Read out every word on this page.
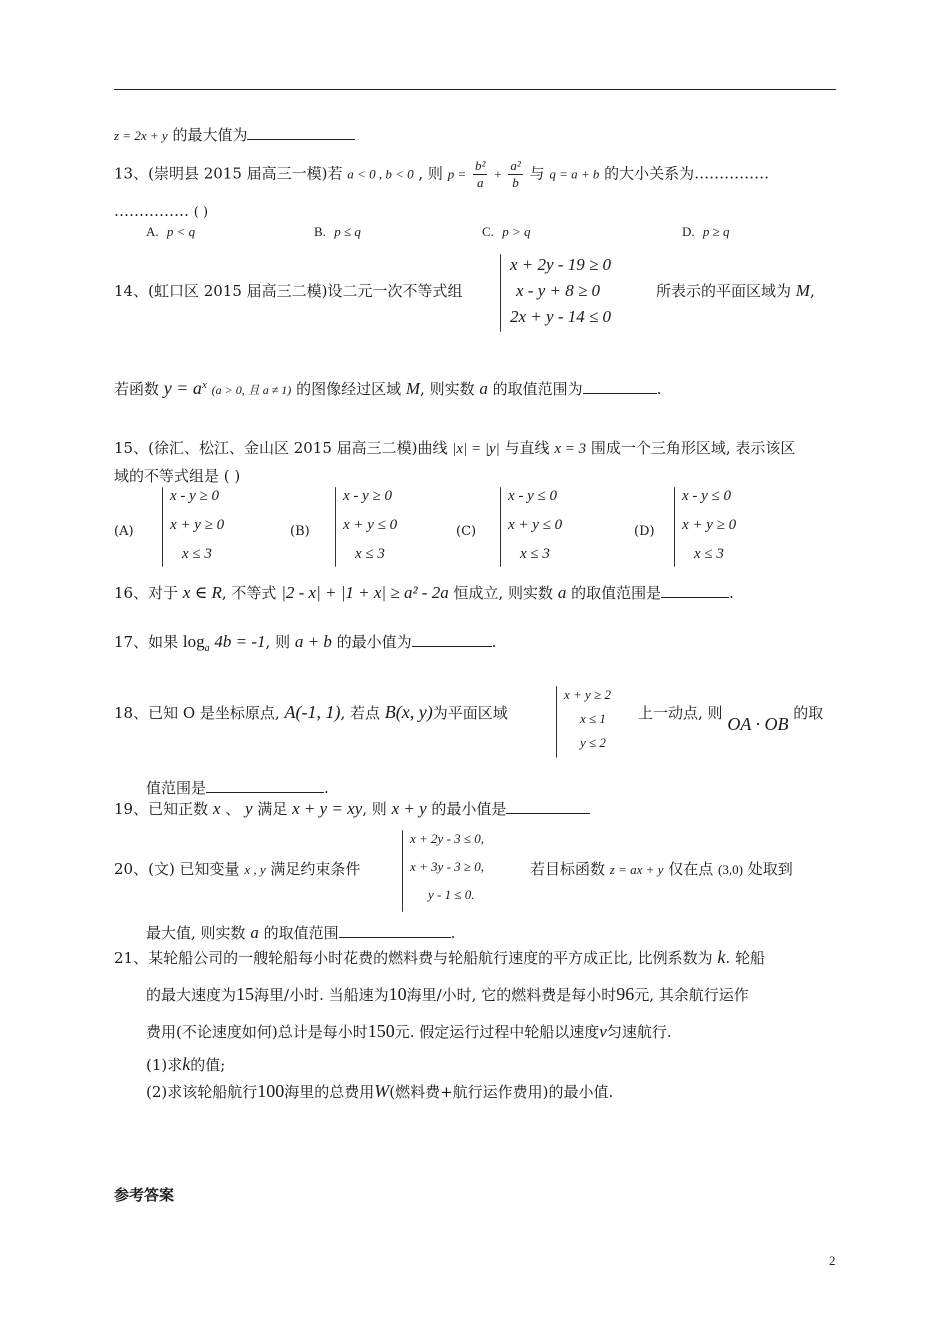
z = 2x + y 的最大值为
13、(崇明县 2015 届高三一模)若 a < 0 , b < 0 , 则 $p = \frac{\text{b²}}{a} + \frac{\text{a²}}{b}$ 与 q = a + b 的大小关系为……………
…………… ( )
A. p < q	B. p ≤ q	C. p > q	D. p ≥ q
14、(虹口区 2015 届高三二模)设二元一次不等式组
x + 2y - 19 ≥ 0
x - y + 8 ≥ 0
2x + y - 14 ≤ 0
所表示的平面区域为 M,
若函数 $y = a^x$ (a > 0, 且 a ≠ 1) 的图像经过区域 M, 则实数 a 的取值范围为	.
15、(徐汇、松江、金山区 2015 届高三二模)曲线 |x| = |y| 与直线 x = 3 围成一个三角形区域, 表示该区
域的不等式组是 ( )
(A)
x - y ≥ 0
x + y ≥ 0
x ≤ 3
(B)
x - y ≥ 0
x + y ≤ 0
x ≤ 3
(C)
x - y ≤ 0
x + y ≤ 0
x ≤ 3
(D)
x - y ≤ 0
x + y ≥ 0
x ≤ 3
16、对于 x ∈ R, 不等式 |2 - x| + |1 + x| ≥ a² - 2a 恒成立, 则实数 a 的取值范围是	.
17、如果 $\log_a 4b = -1$, 则 a + b 的最小值为	.
18、已知 O 是坐标原点, A(-1, 1), 若点 B(x, y)为平面区域
x + y ≥ 2
x ≤ 1
y ≤ 2
上一动点, 则 OA · OB 的取
值范围是	.
19、已知正数 x 、 y 满足 x + y = xy, 则 x + y 的最小值是
20、(文) 已知变量 x , y 满足约束条件
x + 2y - 3 ≤ 0,
x + 3y - 3 ≥ 0,
y - 1 ≤ 0.
若目标函数 z = ax + y 仅在点 (3,0) 处取到
最大值, 则实数 a 的取值范围	.
21、某轮船公司的一艘轮船每小时花费的燃料费与轮船航行速度的平方成正比, 比例系数为 k. 轮船
的最大速度为15海里/小时. 当船速为10海里/小时, 它的燃料费是每小时96元, 其余航行运作
费用(不论速度如何)总计是每小时150元. 假定运行过程中轮船以速度v匀速航行.
(1)求k的值;
(2)求该轮船航行100海里的总费用W(燃料费+航行运作费用)的最小值.
参考答案
2
